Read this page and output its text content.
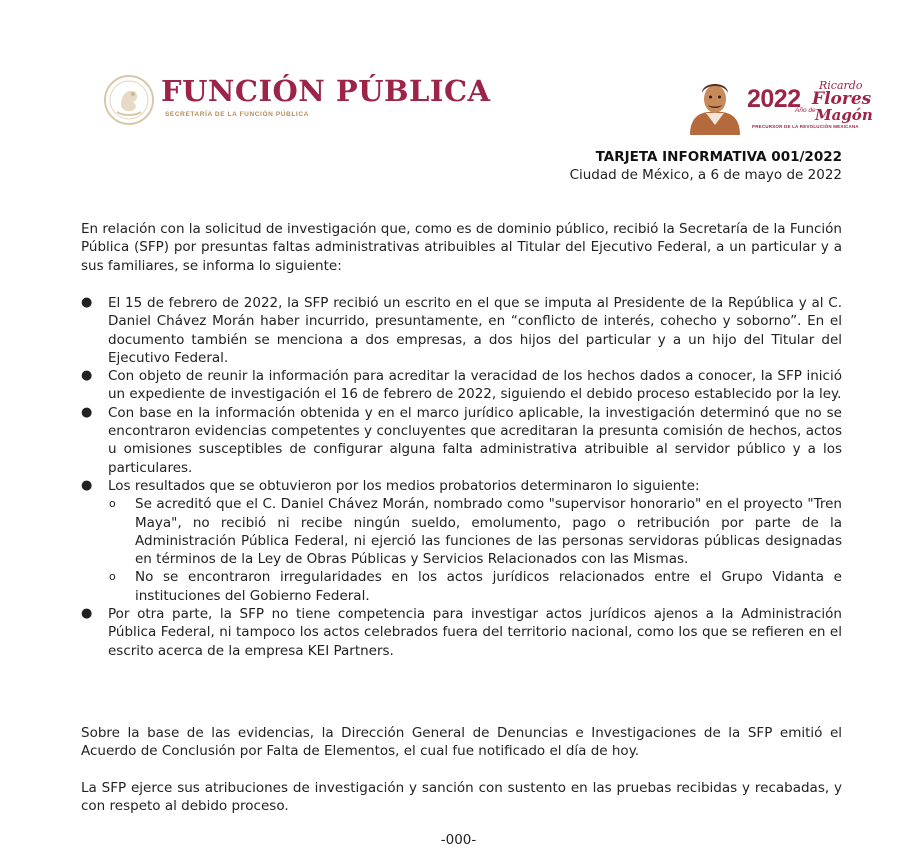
FUNCIÓN PÚBLICA
SECRETARÍA DE LA FUNCIÓN PÚBLICA
2022
Año de
Ricardo
Flores
Magón
PRECURSOR DE LA REVOLUCIÓN MEXICANA
TARJETA INFORMATIVA 001/2022
Ciudad de México, a 6 de mayo de 2022

En relación con la solicitud de investigación que, como es de dominio público, recibió la Secretaría de la Función Pública (SFP) por presuntas faltas administrativas atribuibles al Titular del Ejecutivo Federal, a un particular y a sus familiares, se informa lo siguiente:

● El 15 de febrero de 2022, la SFP recibió un escrito en el que se imputa al Presidente de la República y al C. Daniel Chávez Morán haber incurrido, presuntamente, en “conflicto de interés, cohecho y soborno”. En el documento también se menciona a dos empresas, a dos hijos del particular y a un hijo del Titular del Ejecutivo Federal.
● Con objeto de reunir la información para acreditar la veracidad de los hechos dados a conocer, la SFP inició un expediente de investigación el 16 de febrero de 2022, siguiendo el debido proceso establecido por la ley.
● Con base en la información obtenida y en el marco jurídico aplicable, la investigación determinó que no se encontraron evidencias competentes y concluyentes que acreditaran la presunta comisión de hechos, actos u omisiones susceptibles de configurar alguna falta administrativa atribuible al servidor público y a los particulares.
● Los resultados que se obtuvieron por los medios probatorios determinaron lo siguiente:
o Se acreditó que el C. Daniel Chávez Morán, nombrado como "supervisor honorario" en el proyecto "Tren Maya", no recibió ni recibe ningún sueldo, emolumento, pago o retribución por parte de la Administración Pública Federal, ni ejerció las funciones de las personas servidoras públicas designadas en términos de la Ley de Obras Públicas y Servicios Relacionados con las Mismas.
o No se encontraron irregularidades en los actos jurídicos relacionados entre el Grupo Vidanta e instituciones del Gobierno Federal.
● Por otra parte, la SFP no tiene competencia para investigar actos jurídicos ajenos a la Administración Pública Federal, ni tampoco los actos celebrados fuera del territorio nacional, como los que se refieren en el escrito acerca de la empresa KEI Partners.

Sobre la base de las evidencias, la Dirección General de Denuncias e Investigaciones de la SFP emitió el Acuerdo de Conclusión por Falta de Elementos, el cual fue notificado el día de hoy.

La SFP ejerce sus atribuciones de investigación y sanción con sustento en las pruebas recibidas y recabadas, y con respeto al debido proceso.

-000-
